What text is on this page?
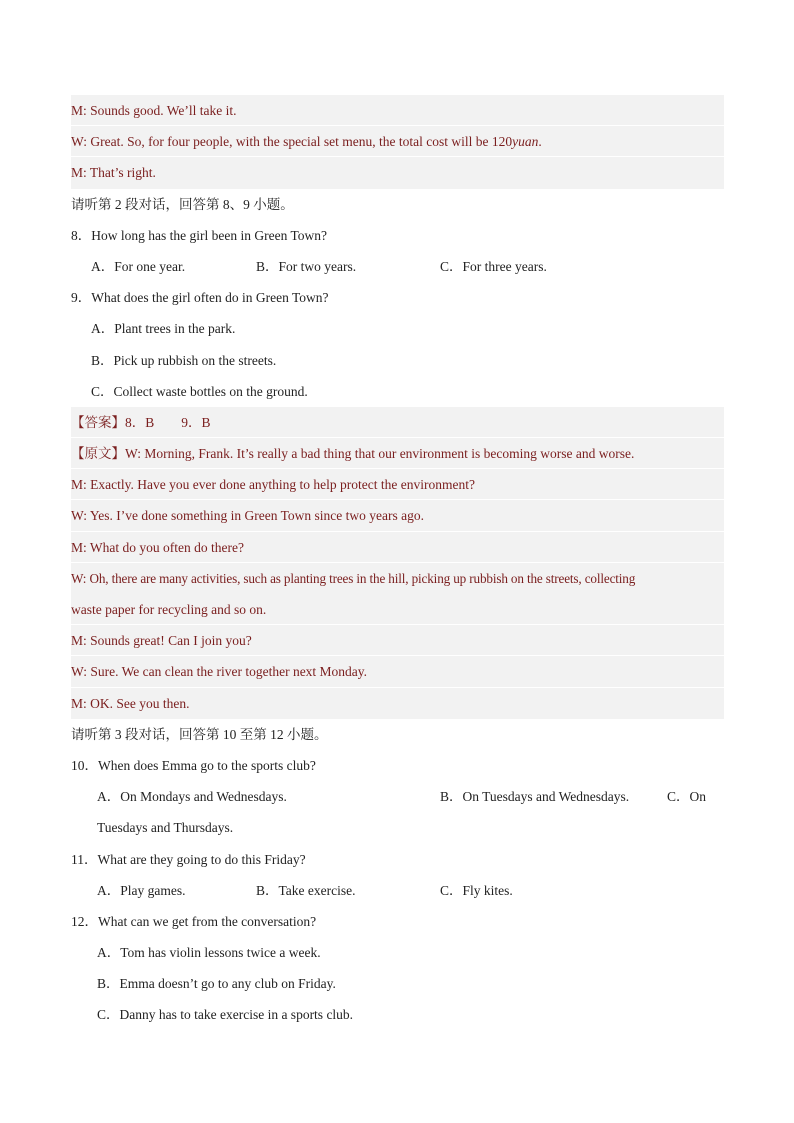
M: Sounds good. We’ll take it.
W: Great. So, for four people, with the special set menu, the total cost will be 120yuan.
M: That’s right.
请听第 2 段对话，回答第 8、9 小题。
8．How long has the girl been in Green Town?
A．For one year.	B．For two years.	C．For three years.
9．What does the girl often do in Green Town?
A．Plant trees in the park.
B．Pick up rubbish on the streets.
C．Collect waste bottles on the ground.
【答案】8．B        9．B
【原文】W: Morning, Frank. It’s really a bad thing that our environment is becoming worse and worse.
M: Exactly. Have you ever done anything to help protect the environment?
W: Yes. I’ve done something in Green Town since two years ago.
M: What do you often do there?
W: Oh, there are many activities, such as planting trees in the hill, picking up rubbish on the streets, collecting
waste paper for recycling and so on.
M: Sounds great! Can I join you?
W: Sure. We can clean the river together next Monday.
M: OK. See you then.
请听第 3 段对话，回答第 10 至第 12 小题。
10．When does Emma go to the sports club?
A．On Mondays and Wednesdays.	B．On Tuesdays and Wednesdays.	C．On
Tuesdays and Thursdays.
11．What are they going to do this Friday?
A．Play games.	B．Take exercise.	C．Fly kites.
12．What can we get from the conversation?
A．Tom has violin lessons twice a week.
B．Emma doesn’t go to any club on Friday.
C．Danny has to take exercise in a sports club.
